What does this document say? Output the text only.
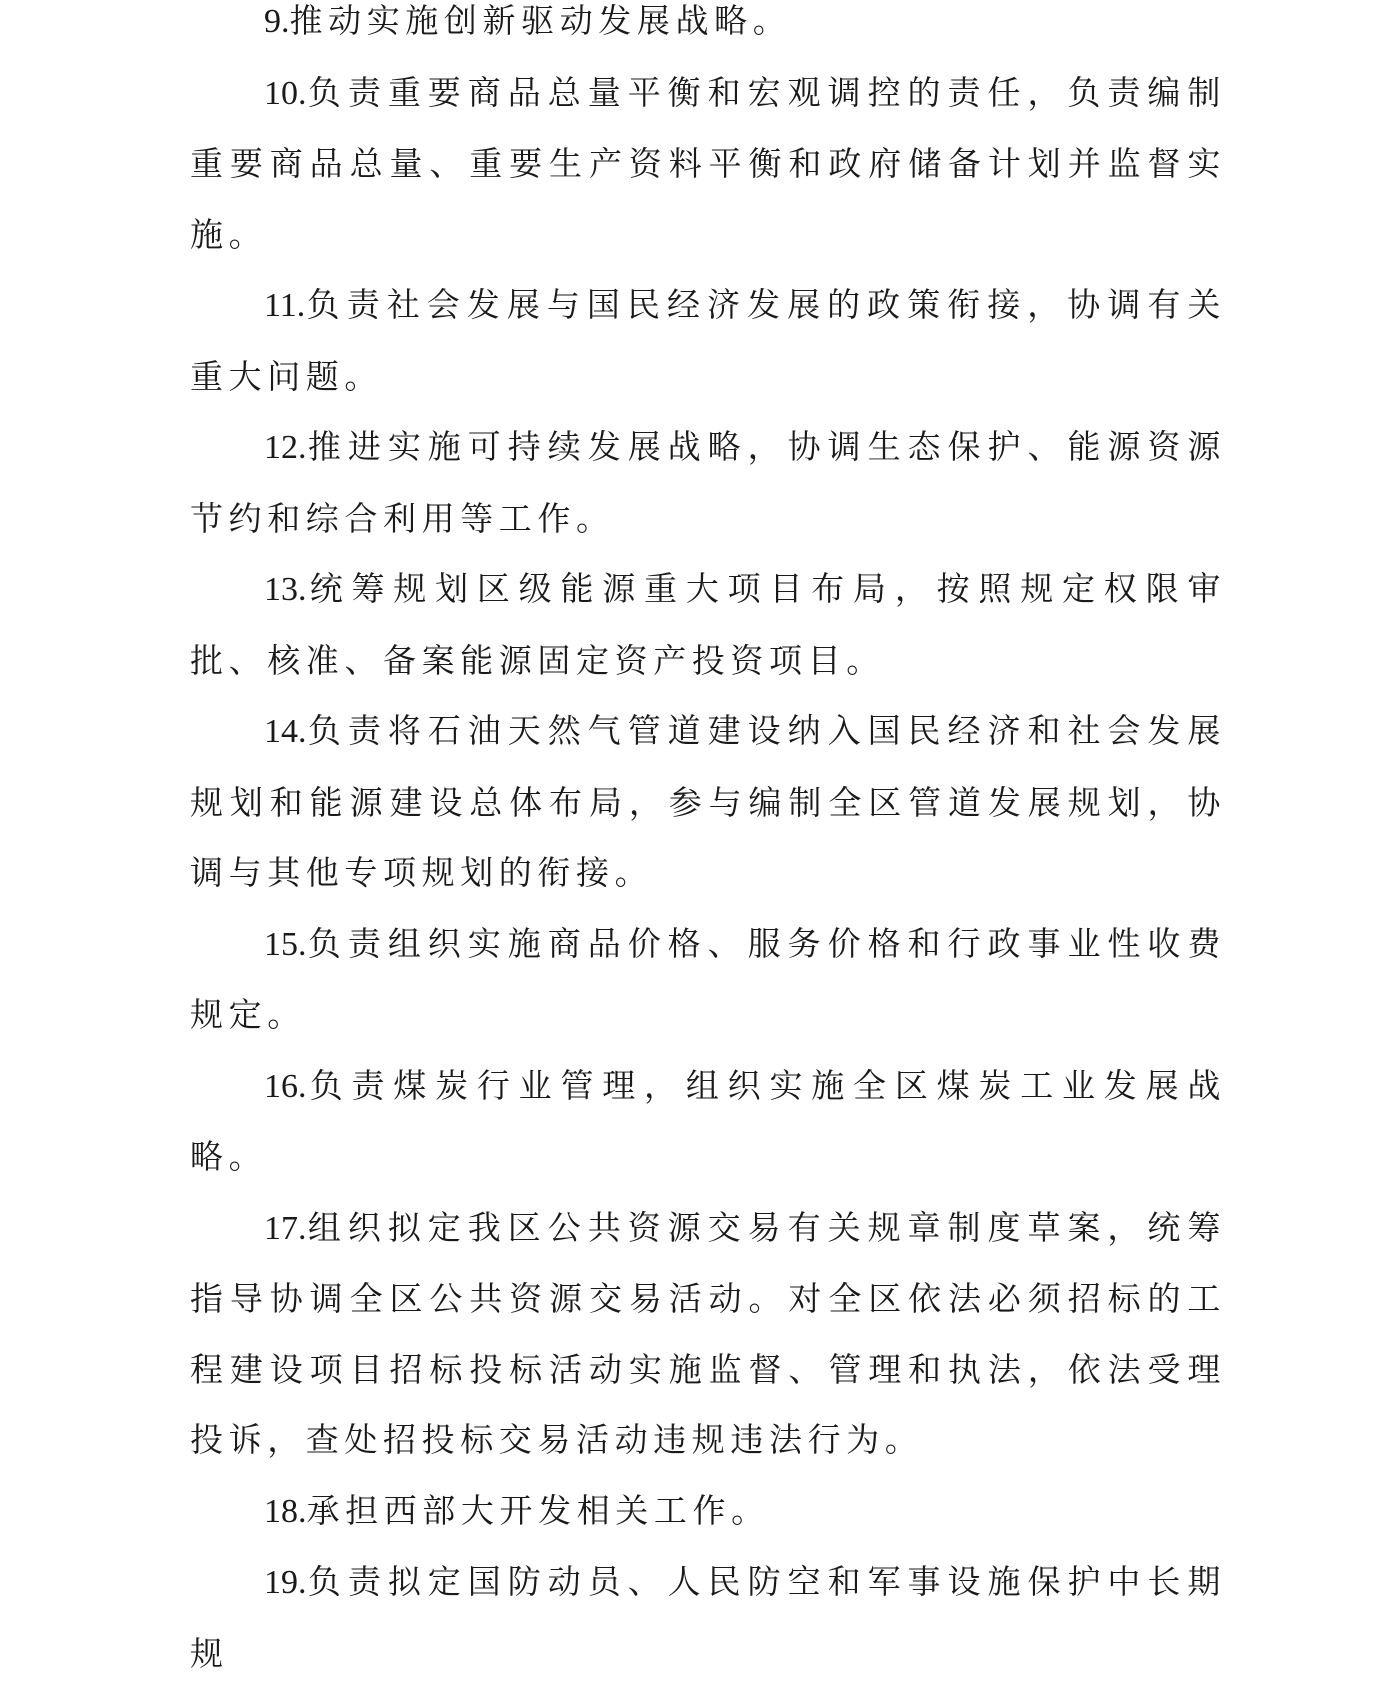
9.推动实施创新驱动发展战略。

10.负责重要商品总量平衡和宏观调控的责任，负责编制重要商品总量、重要生产资料平衡和政府储备计划并监督实施。

11.负责社会发展与国民经济发展的政策衔接，协调有关重大问题。

12.推进实施可持续发展战略，协调生态保护、能源资源节约和综合利用等工作。

13.统筹规划区级能源重大项目布局，按照规定权限审批、核准、备案能源固定资产投资项目。

14.负责将石油天然气管道建设纳入国民经济和社会发展规划和能源建设总体布局，参与编制全区管道发展规划，协调与其他专项规划的衔接。

15.负责组织实施商品价格、服务价格和行政事业性收费规定。

16.负责煤炭行业管理，组织实施全区煤炭工业发展战略。

17.组织拟定我区公共资源交易有关规章制度草案，统筹指导协调全区公共资源交易活动。对全区依法必须招标的工程建设项目招标投标活动实施监督、管理和执法，依法受理投诉，查处招投标交易活动违规违法行为。

18.承担西部大开发相关工作。

19.负责拟定国防动员、人民防空和军事设施保护中长期规
